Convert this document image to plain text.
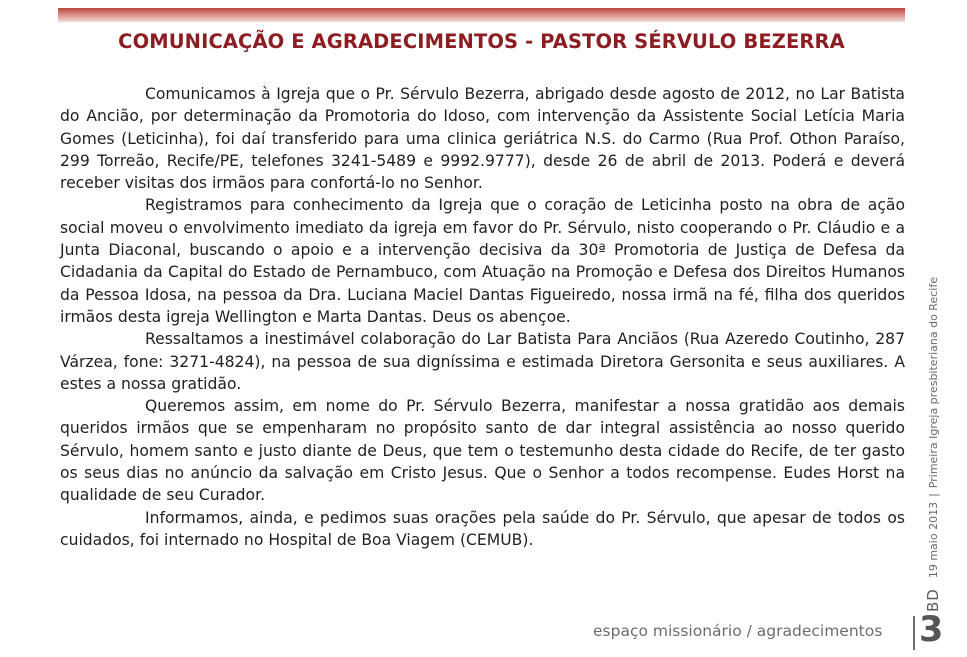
COMUNICAÇÃO E AGRADECIMENTOS - PASTOR SÉRVULO BEZERRA

Comunicamos à Igreja que o Pr. Sérvulo Bezerra, abrigado desde agosto de 2012, no Lar Batista do Ancião, por determinação da Promotoria do Idoso, com intervenção da Assistente Social Letícia Maria Gomes (Leticinha), foi daí transferido para uma clinica geriátrica N.S. do Carmo (Rua Prof. Othon Paraíso, 299 Torreão, Recife/PE, telefones 3241-5489 e 9992.9777), desde 26 de abril de 2013. Poderá e deverá receber visitas dos irmãos para confortá-lo no Senhor.

Registramos para conhecimento da Igreja que o coração de Leticinha posto na obra de ação social moveu o envolvimento imediato da igreja em favor do Pr. Sérvulo, nisto cooperando o Pr. Cláudio e a Junta Diaconal, buscando o apoio e a intervenção decisiva da 30ª Promotoria de Justiça de Defesa da Cidadania da Capital do Estado de Pernambuco, com Atuação na Promoção e Defesa dos Direitos Humanos da Pessoa Idosa, na pessoa da Dra. Luciana Maciel Dantas Figueiredo, nossa irmã na fé, filha dos queridos irmãos desta igreja Wellington e Marta Dantas. Deus os abençoe.

Ressaltamos a inestimável colaboração do Lar Batista Para Anciãos (Rua Azeredo Coutinho, 287 Várzea, fone: 3271-4824), na pessoa de sua digníssima e estimada Diretora Gersonita e seus auxiliares. A estes a nossa gratidão.

Queremos assim, em nome do Pr. Sérvulo Bezerra, manifestar a nossa gratidão aos demais queridos irmãos que se empenharam no propósito santo de dar integral assistência ao nosso querido Sérvulo, homem santo e justo diante de Deus, que tem o testemunho desta cidade do Recife, de ter gasto os seus dias no anúncio da salvação em Cristo Jesus. Que o Senhor a todos recompense. Eudes Horst na qualidade de seu Curador.

Informamos, ainda, e pedimos suas orações pela saúde do Pr. Sérvulo, que apesar de todos os cuidados, foi internado no Hospital de Boa Viagem (CEMUB).

BD
19 maio 2013
|
Primeira Igreja presbiteriana do Recife
espaço missionário / agradecimentos 3
